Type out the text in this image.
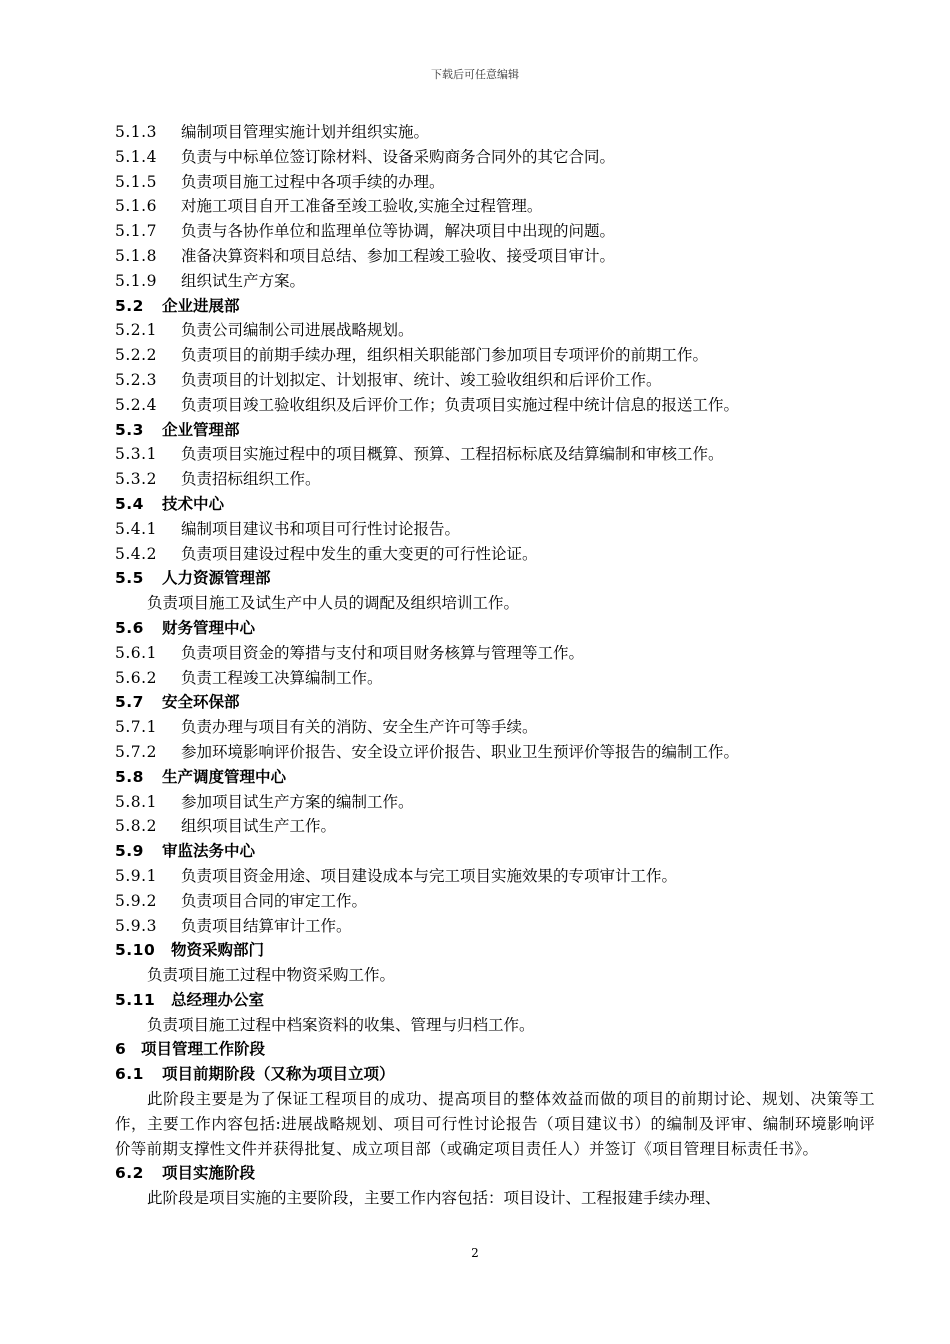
下载后可任意编辑
5.1.3 编制项目管理实施计划并组织实施。
5.1.4 负责与中标单位签订除材料、设备采购商务合同外的其它合同。
5.1.5 负责项目施工过程中各项手续的办理。
5.1.6 对施工项目自开工准备至竣工验收,实施全过程管理。
5.1.7 负责与各协作单位和监理单位等协调，解决项目中出现的问题。
5.1.8 准备决算资料和项目总结、参加工程竣工验收、接受项目审计。
5.1.9 组织试生产方案。
5.2 企业进展部
5.2.1 负责公司编制公司进展战略规划。
5.2.2 负责项目的前期手续办理，组织相关职能部门参加项目专项评价的前期工作。
5.2.3 负责项目的计划拟定、计划报审、统计、竣工验收组织和后评价工作。
5.2.4 负责项目竣工验收组织及后评价工作；负责项目实施过程中统计信息的报送工作。
5.3 企业管理部
5.3.1 负责项目实施过程中的项目概算、预算、工程招标标底及结算编制和审核工作。
5.3.2 负责招标组织工作。
5.4 技术中心
5.4.1 编制项目建议书和项目可行性讨论报告。
5.4.2 负责项目建设过程中发生的重大变更的可行性论证。
5.5 人力资源管理部
负责项目施工及试生产中人员的调配及组织培训工作。
5.6 财务管理中心
5.6.1 负责项目资金的筹措与支付和项目财务核算与管理等工作。
5.6.2 负责工程竣工决算编制工作。
5.7 安全环保部
5.7.1 负责办理与项目有关的消防、安全生产许可等手续。
5.7.2 参加环境影响评价报告、安全设立评价报告、职业卫生预评价等报告的编制工作。
5.8 生产调度管理中心
5.8.1 参加项目试生产方案的编制工作。
5.8.2 组织项目试生产工作。
5.9 审监法务中心
5.9.1 负责项目资金用途、项目建设成本与完工项目实施效果的专项审计工作。
5.9.2 负责项目合同的审定工作。
5.9.3 负责项目结算审计工作。
5.10 物资采购部门
负责项目施工过程中物资采购工作。
5.11 总经理办公室
负责项目施工过程中档案资料的收集、管理与归档工作。
6 项目管理工作阶段
6.1 项目前期阶段（又称为项目立项）
此阶段主要是为了保证工程项目的成功、提高项目的整体效益而做的项目的前期讨论、规划、决策等工作，主要工作内容包括:进展战略规划、项目可行性讨论报告（项目建议书）的编制及评审、编制环境影响评价等前期支撑性文件并获得批复、成立项目部（或确定项目责任人）并签订《项目管理目标责任书》。
6.2 项目实施阶段
此阶段是项目实施的主要阶段，主要工作内容包括：项目设计、工程报建手续办理、
2
